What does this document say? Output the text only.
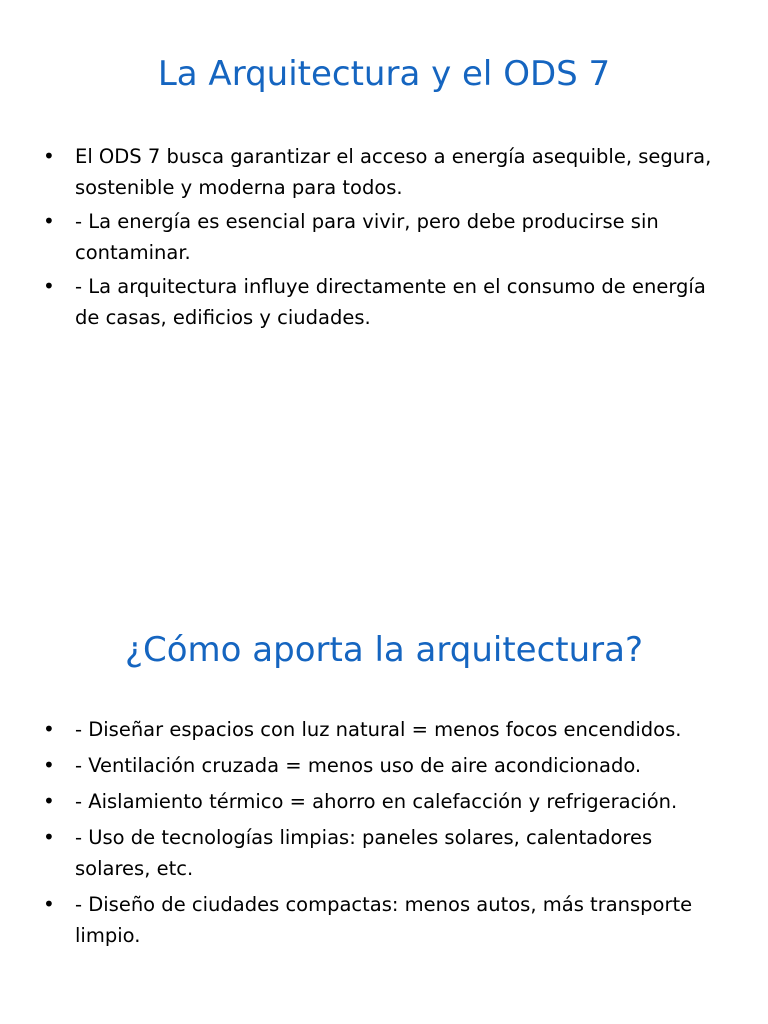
La Arquitectura y el ODS 7
• El ODS 7 busca garantizar el acceso a energía asequible, segura, sostenible y moderna para todos.
• - La energía es esencial para vivir, pero debe producirse sin contaminar.
• - La arquitectura influye directamente en el consumo de energía de casas, edificios y ciudades.
¿Cómo aporta la arquitectura?
• - Diseñar espacios con luz natural = menos focos encendidos.
• - Ventilación cruzada = menos uso de aire acondicionado.
• - Aislamiento térmico = ahorro en calefacción y refrigeración.
• - Uso de tecnologías limpias: paneles solares, calentadores solares, etc.
• - Diseño de ciudades compactas: menos autos, más transporte limpio.
